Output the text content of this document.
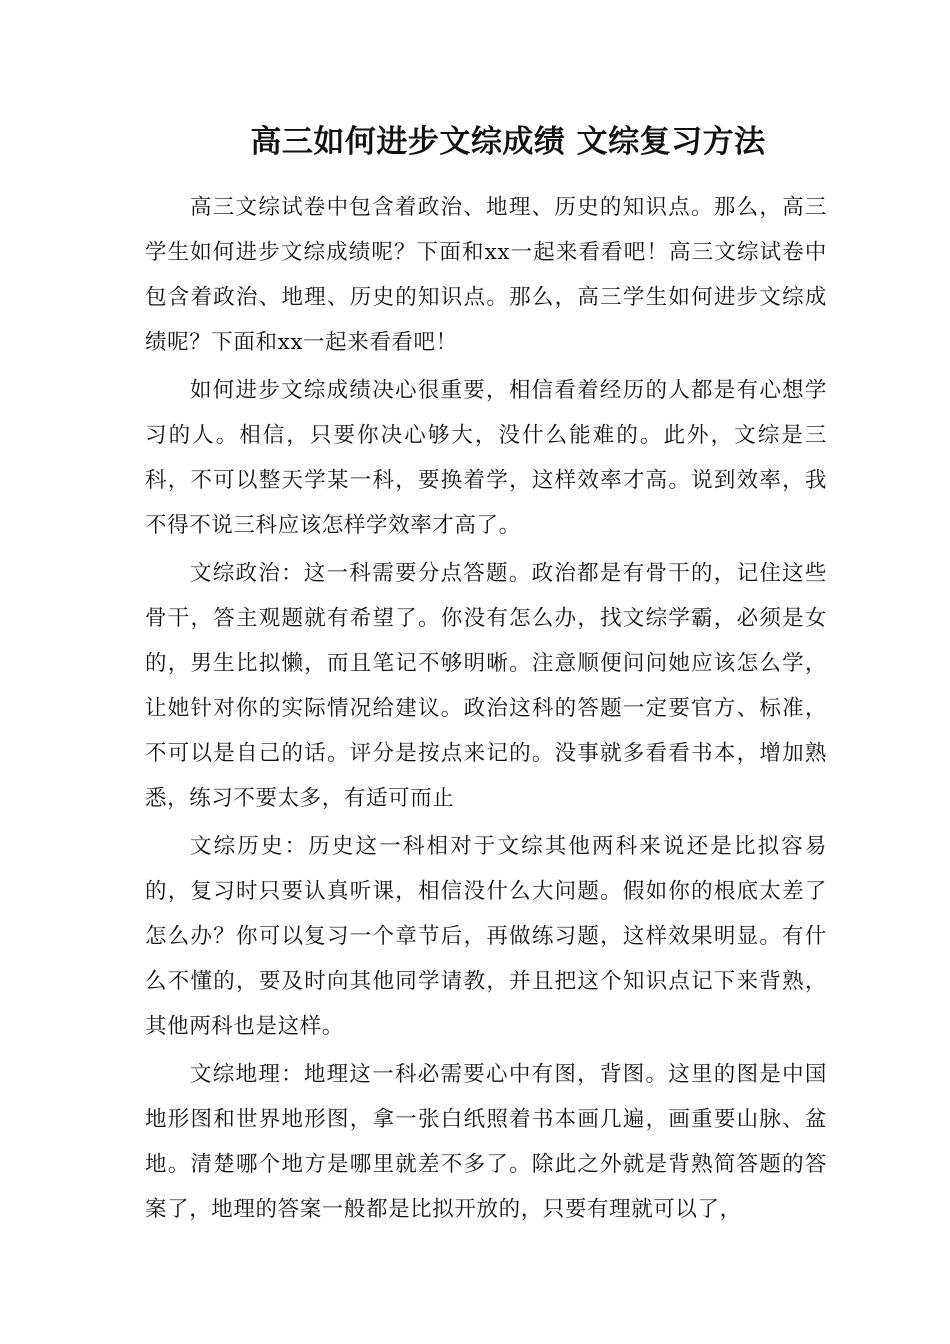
高三如何进步文综成绩 文综复习方法

高三文综试卷中包含着政治、地理、历史的知识点。那么，高三学生如何进步文综成绩呢？下面和xx一起来看看吧！高三文综试卷中包含着政治、地理、历史的知识点。那么，高三学生如何进步文综成绩呢？下面和xx一起来看看吧！

如何进步文综成绩决心很重要，相信看着经历的人都是有心想学习的人。相信，只要你决心够大，没什么能难的。此外，文综是三科，不可以整天学某一科，要换着学，这样效率才高。说到效率，我不得不说三科应该怎样学效率才高了。

文综政治：这一科需要分点答题。政治都是有骨干的，记住这些骨干，答主观题就有希望了。你没有怎么办，找文综学霸，必须是女的，男生比拟懒，而且笔记不够明晰。注意顺便问问她应该怎么学，让她针对你的实际情况给建议。政治这科的答题一定要官方、标准，不可以是自己的话。评分是按点来记的。没事就多看看书本，增加熟悉，练习不要太多，有适可而止

文综历史：历史这一科相对于文综其他两科来说还是比拟容易的，复习时只要认真听课，相信没什么大问题。假如你的根底太差了怎么办？你可以复习一个章节后，再做练习题，这样效果明显。有什么不懂的，要及时向其他同学请教，并且把这个知识点记下来背熟，其他两科也是这样。

文综地理：地理这一科必需要心中有图，背图。这里的图是中国地形图和世界地形图，拿一张白纸照着书本画几遍，画重要山脉、盆地。清楚哪个地方是哪里就差不多了。除此之外就是背熟简答题的答案了，地理的答案一般都是比拟开放的，只要有理就可以了，
